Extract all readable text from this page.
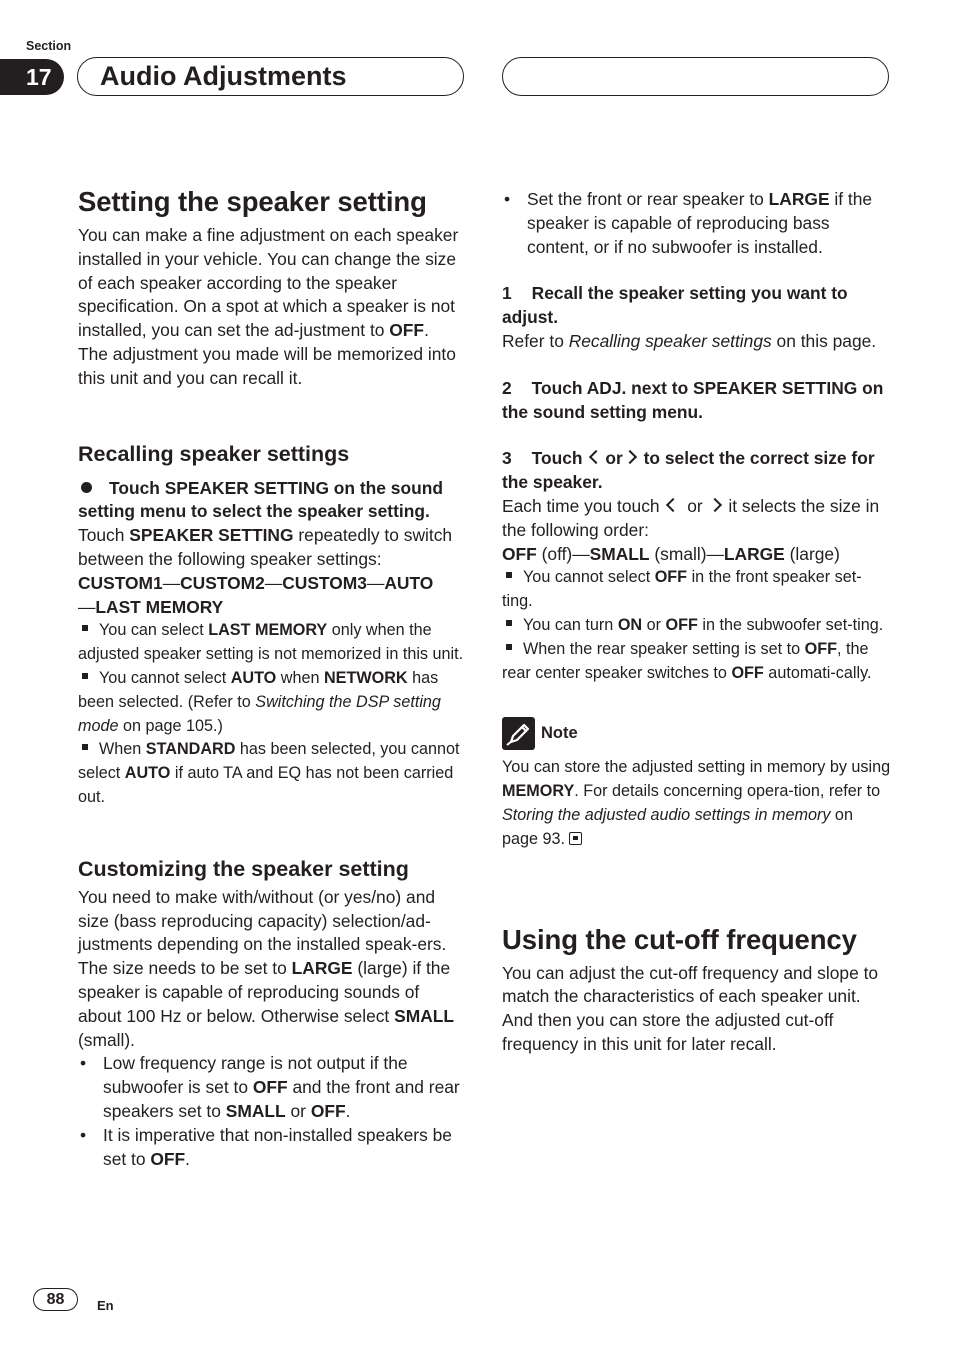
Section
17	Audio Adjustments
Setting the speaker setting

You can make a fine adjustment on each speaker installed in your vehicle. You can change the size of each speaker according to the speaker specification. On a spot at which a speaker is not installed, you can set the ad-justment to OFF.

The adjustment you made will be memorized into this unit and you can recall it.

Recalling speaker settings

Touch SPEAKER SETTING on the sound setting menu to select the speaker setting.

Touch SPEAKER SETTING repeatedly to switch between the following speaker settings:

CUSTOM1—CUSTOM2—CUSTOM3—AUTO
—LAST MEMORY

You can select LAST MEMORY only when the adjusted speaker setting is not memorized in this unit.

You cannot select AUTO when NETWORK has been selected. (Refer to Switching the DSP setting mode on page 105.)

When STANDARD has been selected, you cannot select AUTO if auto TA and EQ has not been carried out.

Customizing the speaker setting

You need to make with/without (or yes/no) and size (bass reproducing capacity) selection/ad-justments depending on the installed speak-ers. The size needs to be set to LARGE (large) if the speaker is capable of reproducing sounds of about 100 Hz or below. Otherwise select SMALL (small).

• Low frequency range is not output if the subwoofer is set to OFF and the front and rear speakers set to SMALL or OFF.

• It is imperative that non-installed speakers be set to OFF.

• Set the front or rear speaker to LARGE if the speaker is capable of reproducing bass content, or if no subwoofer is installed.

1 Recall the speaker setting you want to adjust.

Refer to Recalling speaker settings on this page.

2 Touch ADJ. next to SPEAKER SETTING on the sound setting menu.

3 Touch or to select the correct size for the speaker.

Each time you touch  or  it selects the size in the following order:

OFF (off)—SMALL (small)—LARGE (large)

You cannot select OFF in the front speaker set-ting.

You can turn ON or OFF in the subwoofer set-ting.

When the rear speaker setting is set to OFF, the rear center speaker switches to OFF automati-cally.

Note

You can store the adjusted setting in memory by using MEMORY. For details concerning opera-tion, refer to Storing the adjusted audio settings in memory on page 93.

Using the cut-off frequency

You can adjust the cut-off frequency and slope to match the characteristics of each speaker unit. And then you can store the adjusted cut-off frequency in this unit for later recall.

88	En
